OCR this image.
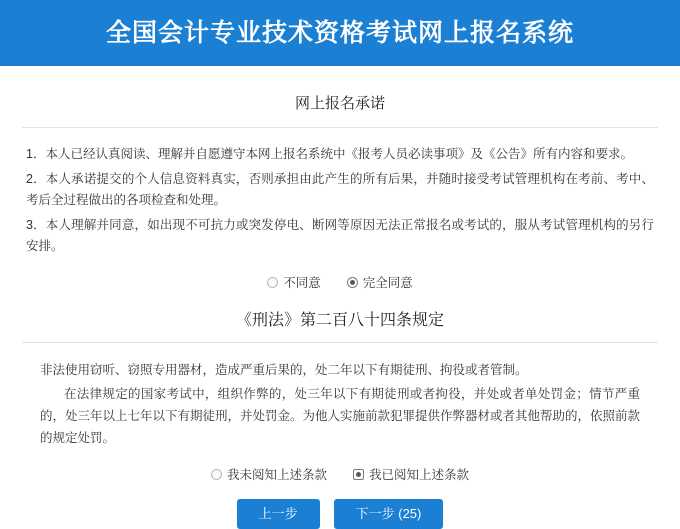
全国会计专业技术资格考试网上报名系统
网上报名承诺
1．本人已经认真阅读、理解并自愿遵守本网上报名系统中《报考人员必读事项》及《公告》所有内容和要求。
2．本人承诺提交的个人信息资料真实，否则承担由此产生的所有后果，并随时接受考试管理机构在考前、考中、考后全过程做出的各项检查和处理。
3．本人理解并同意，如出现不可抗力或突发停电、断网等原因无法正常报名或考试的，服从考试管理机构的另行安排。
不同意	完全同意
《刑法》第二百八十四条规定

非法使用窃听、窃照专用器材，造成严重后果的，处二年以下有期徒刑、拘役或者管制。

在法律规定的国家考试中，组织作弊的，处三年以下有期徒刑或者拘役，并处或者单处罚金；情节严重的，处三年以上七年以下有期徒刑，并处罚金。为他人实施前款犯罪提供作弊器材或者其他帮助的，依照前款的规定处罚。

我未阅知上述条款	我已阅知上述条款
上一步	下一步 (25)
